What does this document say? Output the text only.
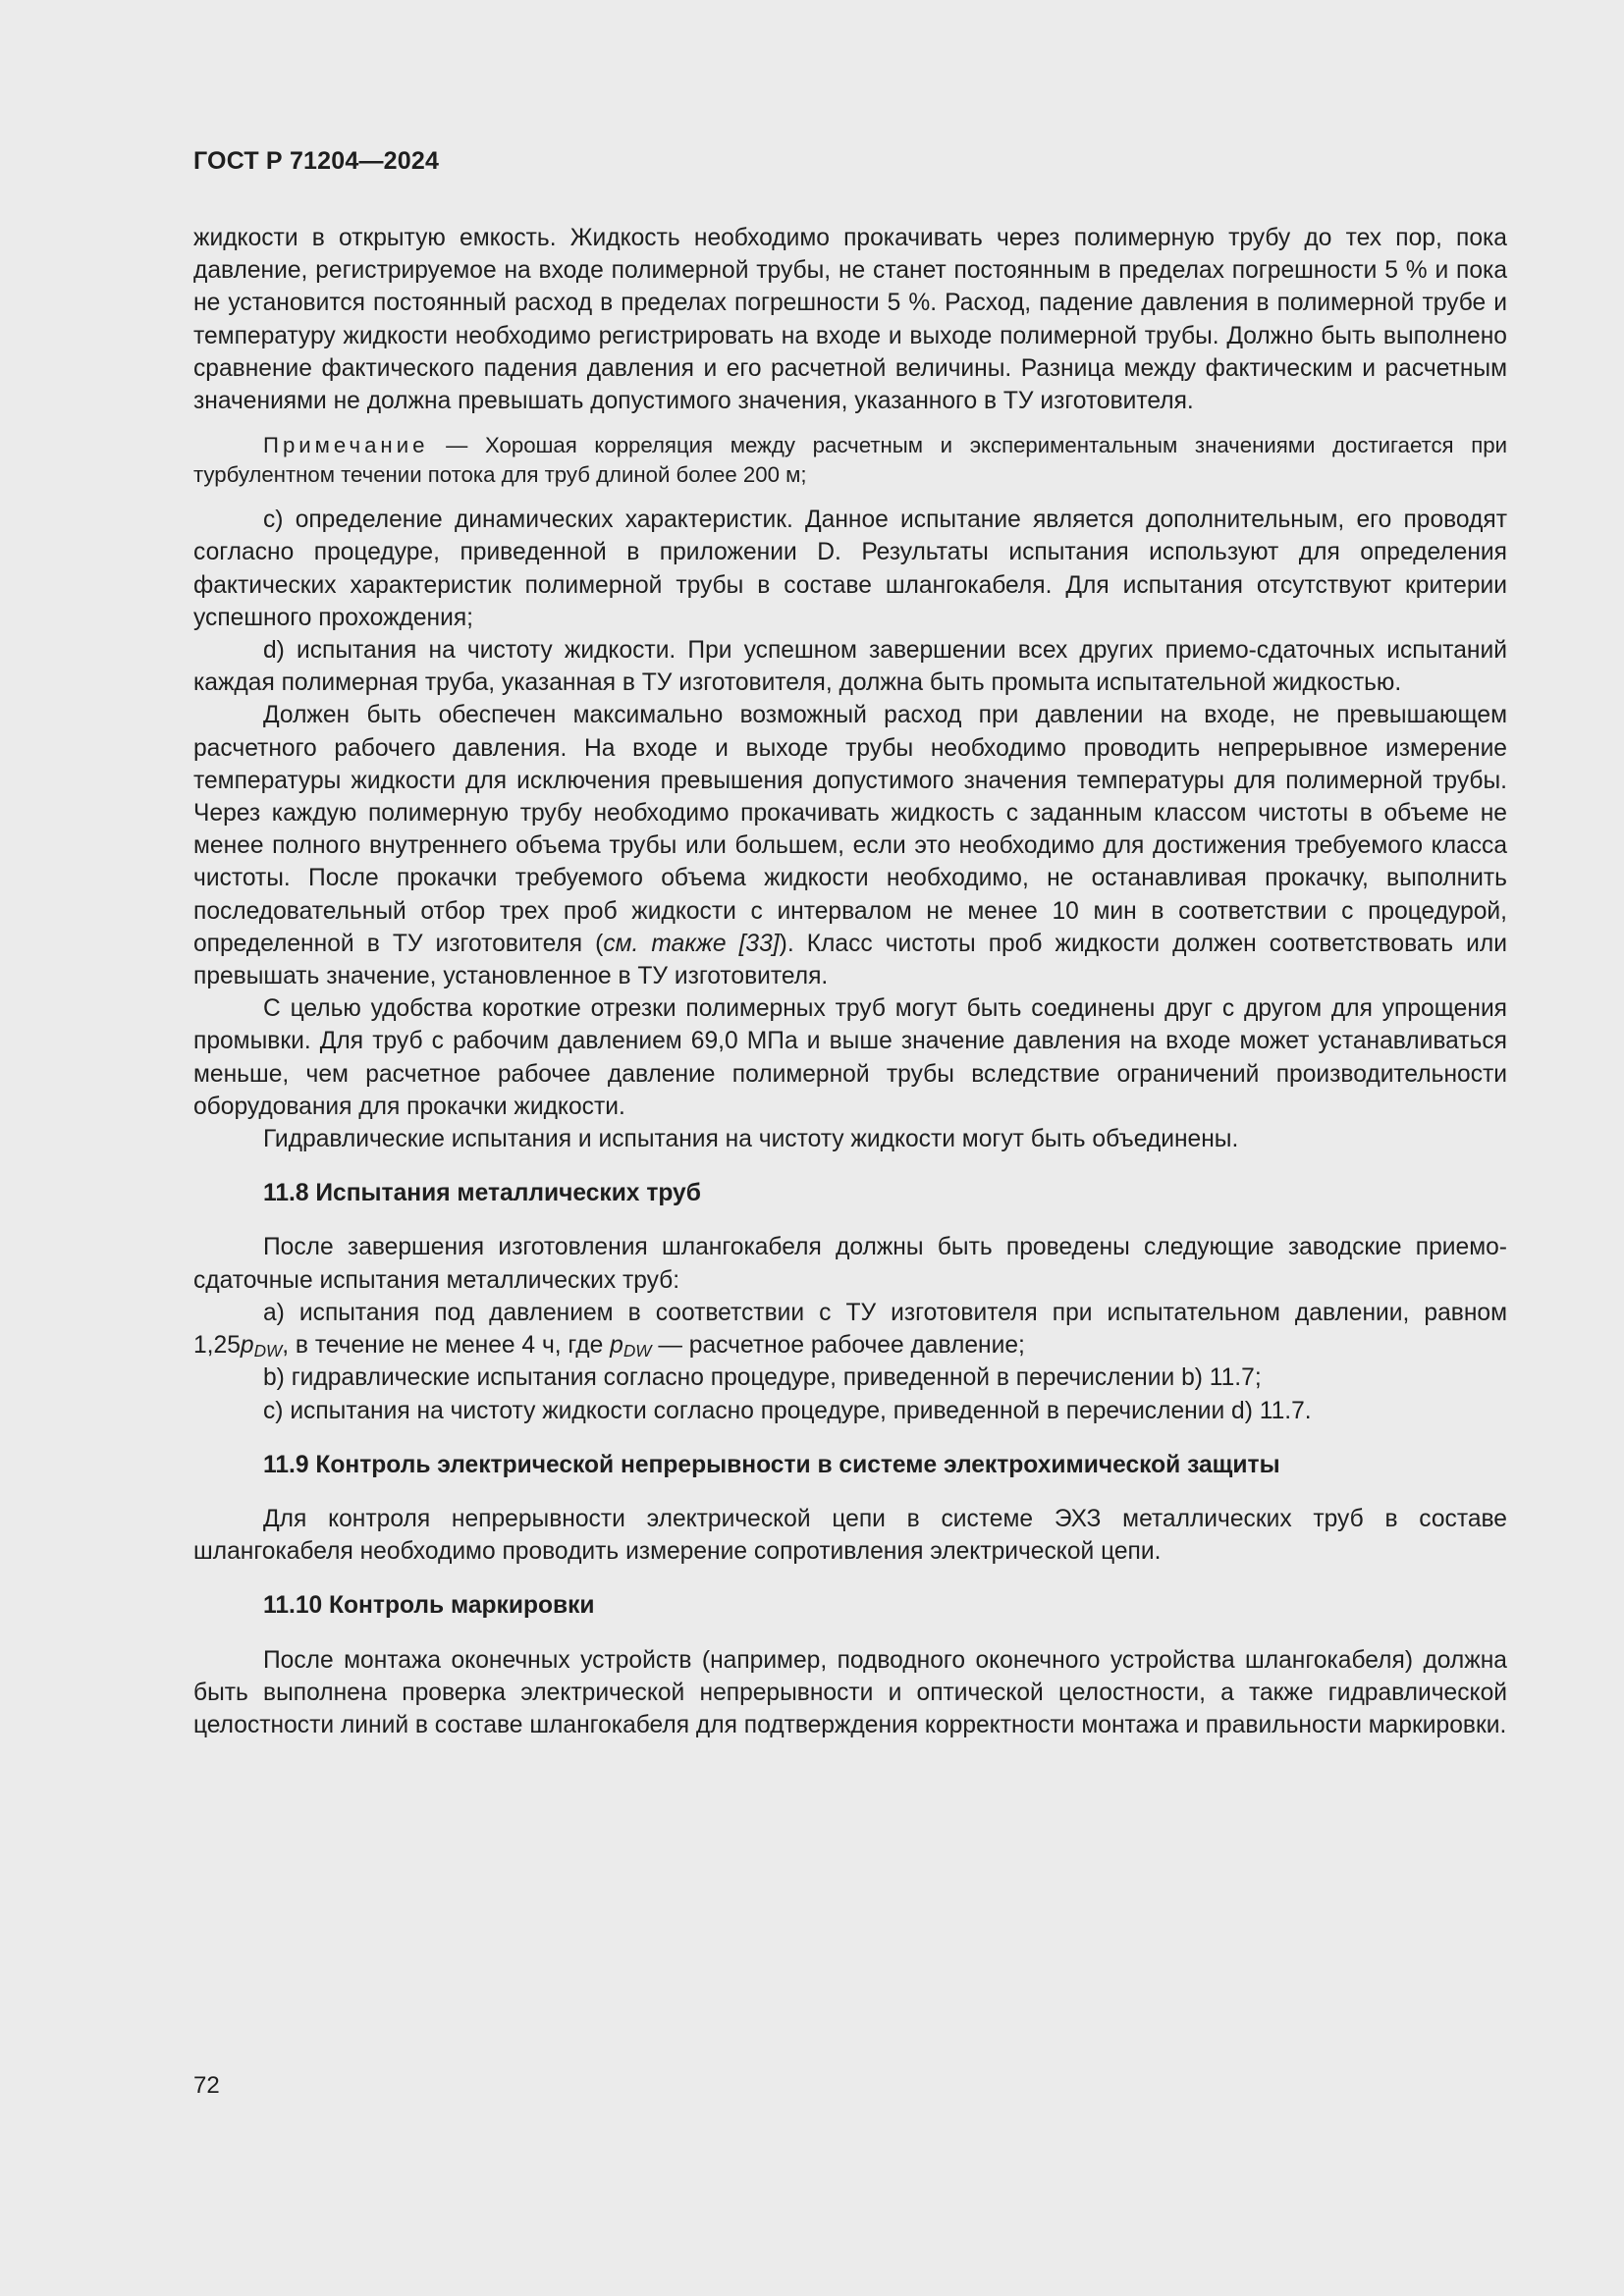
ГОСТ Р 71204—2024

жидкости в открытую емкость. Жидкость необходимо прокачивать через полимерную трубу до тех пор, пока давление, регистрируемое на входе полимерной трубы, не станет постоянным в пределах погрешности 5 % и пока не установится постоянный расход в пределах погрешности 5 %. Расход, падение давления в полимерной трубе и температуру жидкости необходимо регистрировать на входе и выходе полимерной трубы. Должно быть выполнено сравнение фактического падения давления и его расчетной величины. Разница между фактическим и расчетным значениями не должна превышать допустимого значения, указанного в ТУ изготовителя.

Примечание — Хорошая корреляция между расчетным и экспериментальным значениями достигается при турбулентном течении потока для труб длиной более 200 м;

c) определение динамических характеристик. Данное испытание является дополнительным, его проводят согласно процедуре, приведенной в приложении D. Результаты испытания используют для определения фактических характеристик полимерной трубы в составе шлангокабеля. Для испытания отсутствуют критерии успешного прохождения;

d) испытания на чистоту жидкости. При успешном завершении всех других приемо-сдаточных испытаний каждая полимерная труба, указанная в ТУ изготовителя, должна быть промыта испытательной жидкостью.

Должен быть обеспечен максимально возможный расход при давлении на входе, не превышающем расчетного рабочего давления. На входе и выходе трубы необходимо проводить непрерывное измерение температуры жидкости для исключения превышения допустимого значения температуры для полимерной трубы. Через каждую полимерную трубу необходимо прокачивать жидкость с заданным классом чистоты в объеме не менее полного внутреннего объема трубы или большем, если это необходимо для достижения требуемого класса чистоты. После прокачки требуемого объема жидкости необходимо, не останавливая прокачку, выполнить последовательный отбор трех проб жидкости с интервалом не менее 10 мин в соответствии с процедурой, определенной в ТУ изготовителя (см. также [33]). Класс чистоты проб жидкости должен соответствовать или превышать значение, установленное в ТУ изготовителя.

С целью удобства короткие отрезки полимерных труб могут быть соединены друг с другом для упрощения промывки. Для труб с рабочим давлением 69,0 МПа и выше значение давления на входе может устанавливаться меньше, чем расчетное рабочее давление полимерной трубы вследствие ограничений производительности оборудования для прокачки жидкости.

Гидравлические испытания и испытания на чистоту жидкости могут быть объединены.

11.8 Испытания металлических труб

После завершения изготовления шлангокабеля должны быть проведены следующие заводские приемо-сдаточные испытания металлических труб:

a) испытания под давлением в соответствии с ТУ изготовителя при испытательном давлении, равном $1,25p_{DW}$, в течение не менее 4 ч, где $p_{DW}$ — расчетное рабочее давление;

b) гидравлические испытания согласно процедуре, приведенной в перечислении b) 11.7;

c) испытания на чистоту жидкости согласно процедуре, приведенной в перечислении d) 11.7.

11.9 Контроль электрической непрерывности в системе электрохимической защиты

Для контроля непрерывности электрической цепи в системе ЭХЗ металлических труб в составе шлангокабеля необходимо проводить измерение сопротивления электрической цепи.

11.10 Контроль маркировки

После монтажа оконечных устройств (например, подводного оконечного устройства шлангокабеля) должна быть выполнена проверка электрической непрерывности и оптической целостности, а также гидравлической целостности линий в составе шлангокабеля для подтверждения корректности монтажа и правильности маркировки.

72
